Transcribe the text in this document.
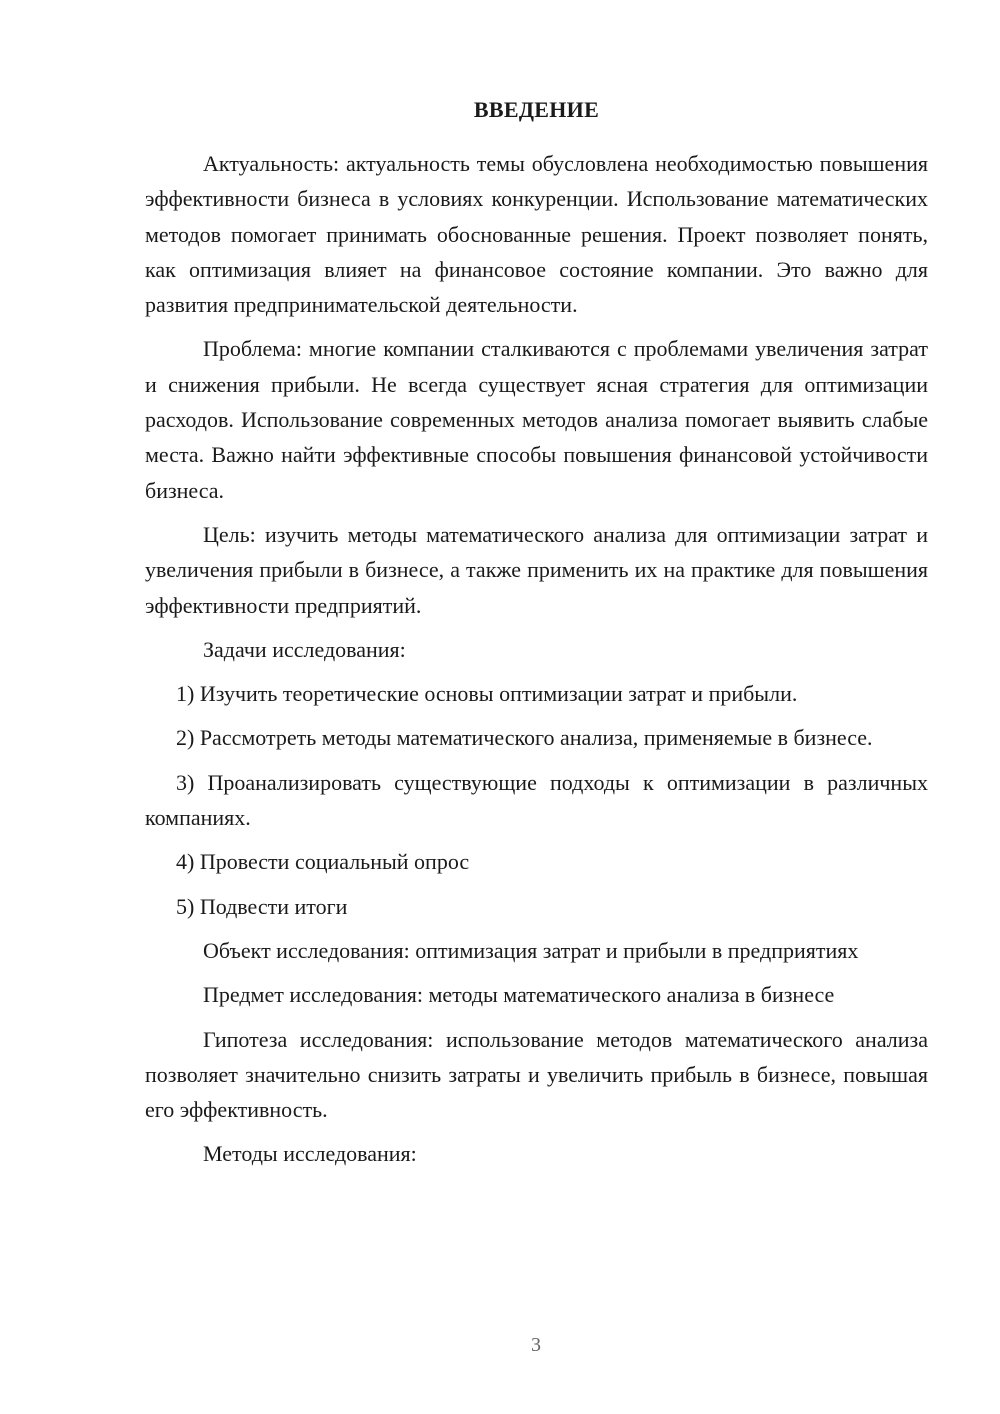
ВВЕДЕНИЕ

Актуальность: актуальность темы обусловлена необходимостью повышения эффективности бизнеса в условиях конкуренции. Использование математических методов помогает принимать обоснованные решения. Проект позволяет понять, как оптимизация влияет на финансовое состояние компании. Это важно для развития предпринимательской деятельности.

Проблема: многие компании сталкиваются с проблемами увеличения затрат и снижения прибыли. Не всегда существует ясная стратегия для оптимизации расходов. Использование современных методов анализа помогает выявить слабые места. Важно найти эффективные способы повышения финансовой устойчивости бизнеса.

Цель: изучить методы математического анализа для оптимизации затрат и увеличения прибыли в бизнесе, а также применить их на практике для повышения эффективности предприятий.

Задачи исследования:

1) Изучить теоретические основы оптимизации затрат и прибыли.

2) Рассмотреть методы математического анализа, применяемые в бизнесе.

3) Проанализировать существующие подходы к оптимизации в различных компаниях.

4) Провести социальный опрос

5) Подвести итоги

Объект исследования: оптимизация затрат и прибыли в предприятиях

Предмет исследования: методы математического анализа в бизнесе

Гипотеза исследования: использование методов математического анализа позволяет значительно снизить затраты и увеличить прибыль в бизнесе, повышая его эффективность.

Методы исследования:

3
